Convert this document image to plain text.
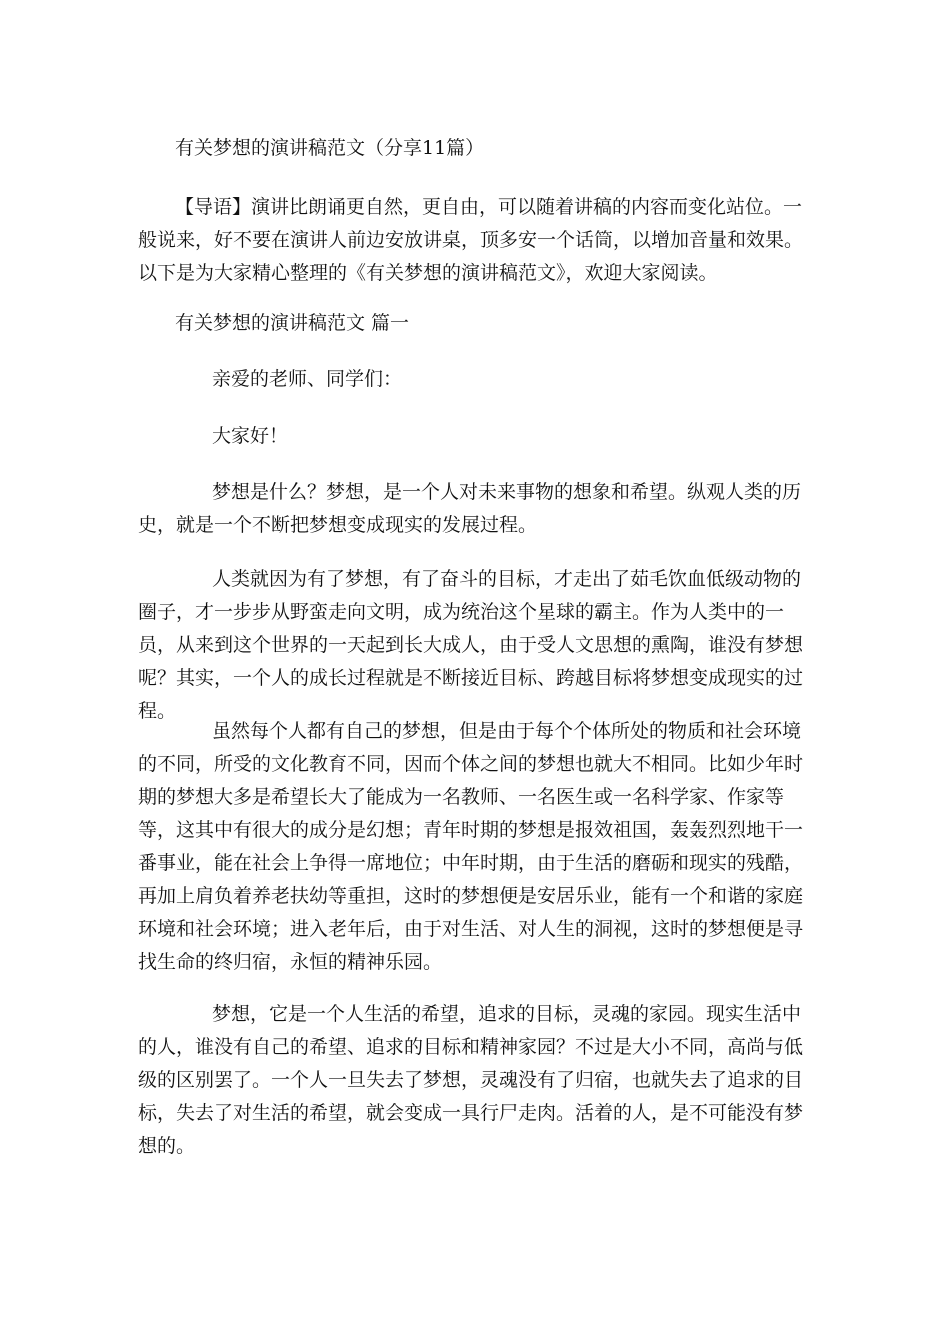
有关梦想的演讲稿范文（分享11篇）

【导语】演讲比朗诵更自然，更自由，可以随着讲稿的内容而变化站位。一般说来，好不要在演讲人前边安放讲桌，顶多安一个话筒，以增加音量和效果。以下是为大家精心整理的《有关梦想的演讲稿范文》，欢迎大家阅读。

有关梦想的演讲稿范文 篇一

亲爱的老师、同学们：

大家好！

梦想是什么？梦想，是一个人对未来事物的想象和希望。纵观人类的历史，就是一个不断把梦想变成现实的发展过程。

人类就因为有了梦想，有了奋斗的目标，才走出了茹毛饮血低级动物的圈子，才一步步从野蛮走向文明，成为统治这个星球的霸主。作为人类中的一员，从来到这个世界的一天起到长大成人，由于受人文思想的熏陶，谁没有梦想呢？其实，一个人的成长过程就是不断接近目标、跨越目标将梦想变成现实的过程。

虽然每个人都有自己的梦想，但是由于每个个体所处的物质和社会环境的不同，所受的文化教育不同，因而个体之间的梦想也就大不相同。比如少年时期的梦想大多是希望长大了能成为一名教师、一名医生或一名科学家、作家等等，这其中有很大的成分是幻想；青年时期的梦想是报效祖国，轰轰烈烈地干一番事业，能在社会上争得一席地位；中年时期，由于生活的磨砺和现实的残酷，再加上肩负着养老扶幼等重担，这时的梦想便是安居乐业，能有一个和谐的家庭环境和社会环境；进入老年后，由于对生活、对人生的洞视，这时的梦想便是寻找生命的终归宿，永恒的精神乐园。

梦想，它是一个人生活的希望，追求的目标，灵魂的家园。现实生活中的人，谁没有自己的希望、追求的目标和精神家园？不过是大小不同，高尚与低级的区别罢了。一个人一旦失去了梦想，灵魂没有了归宿，也就失去了追求的目标，失去了对生活的希望，就会变成一具行尸走肉。活着的人，是不可能没有梦想的。
